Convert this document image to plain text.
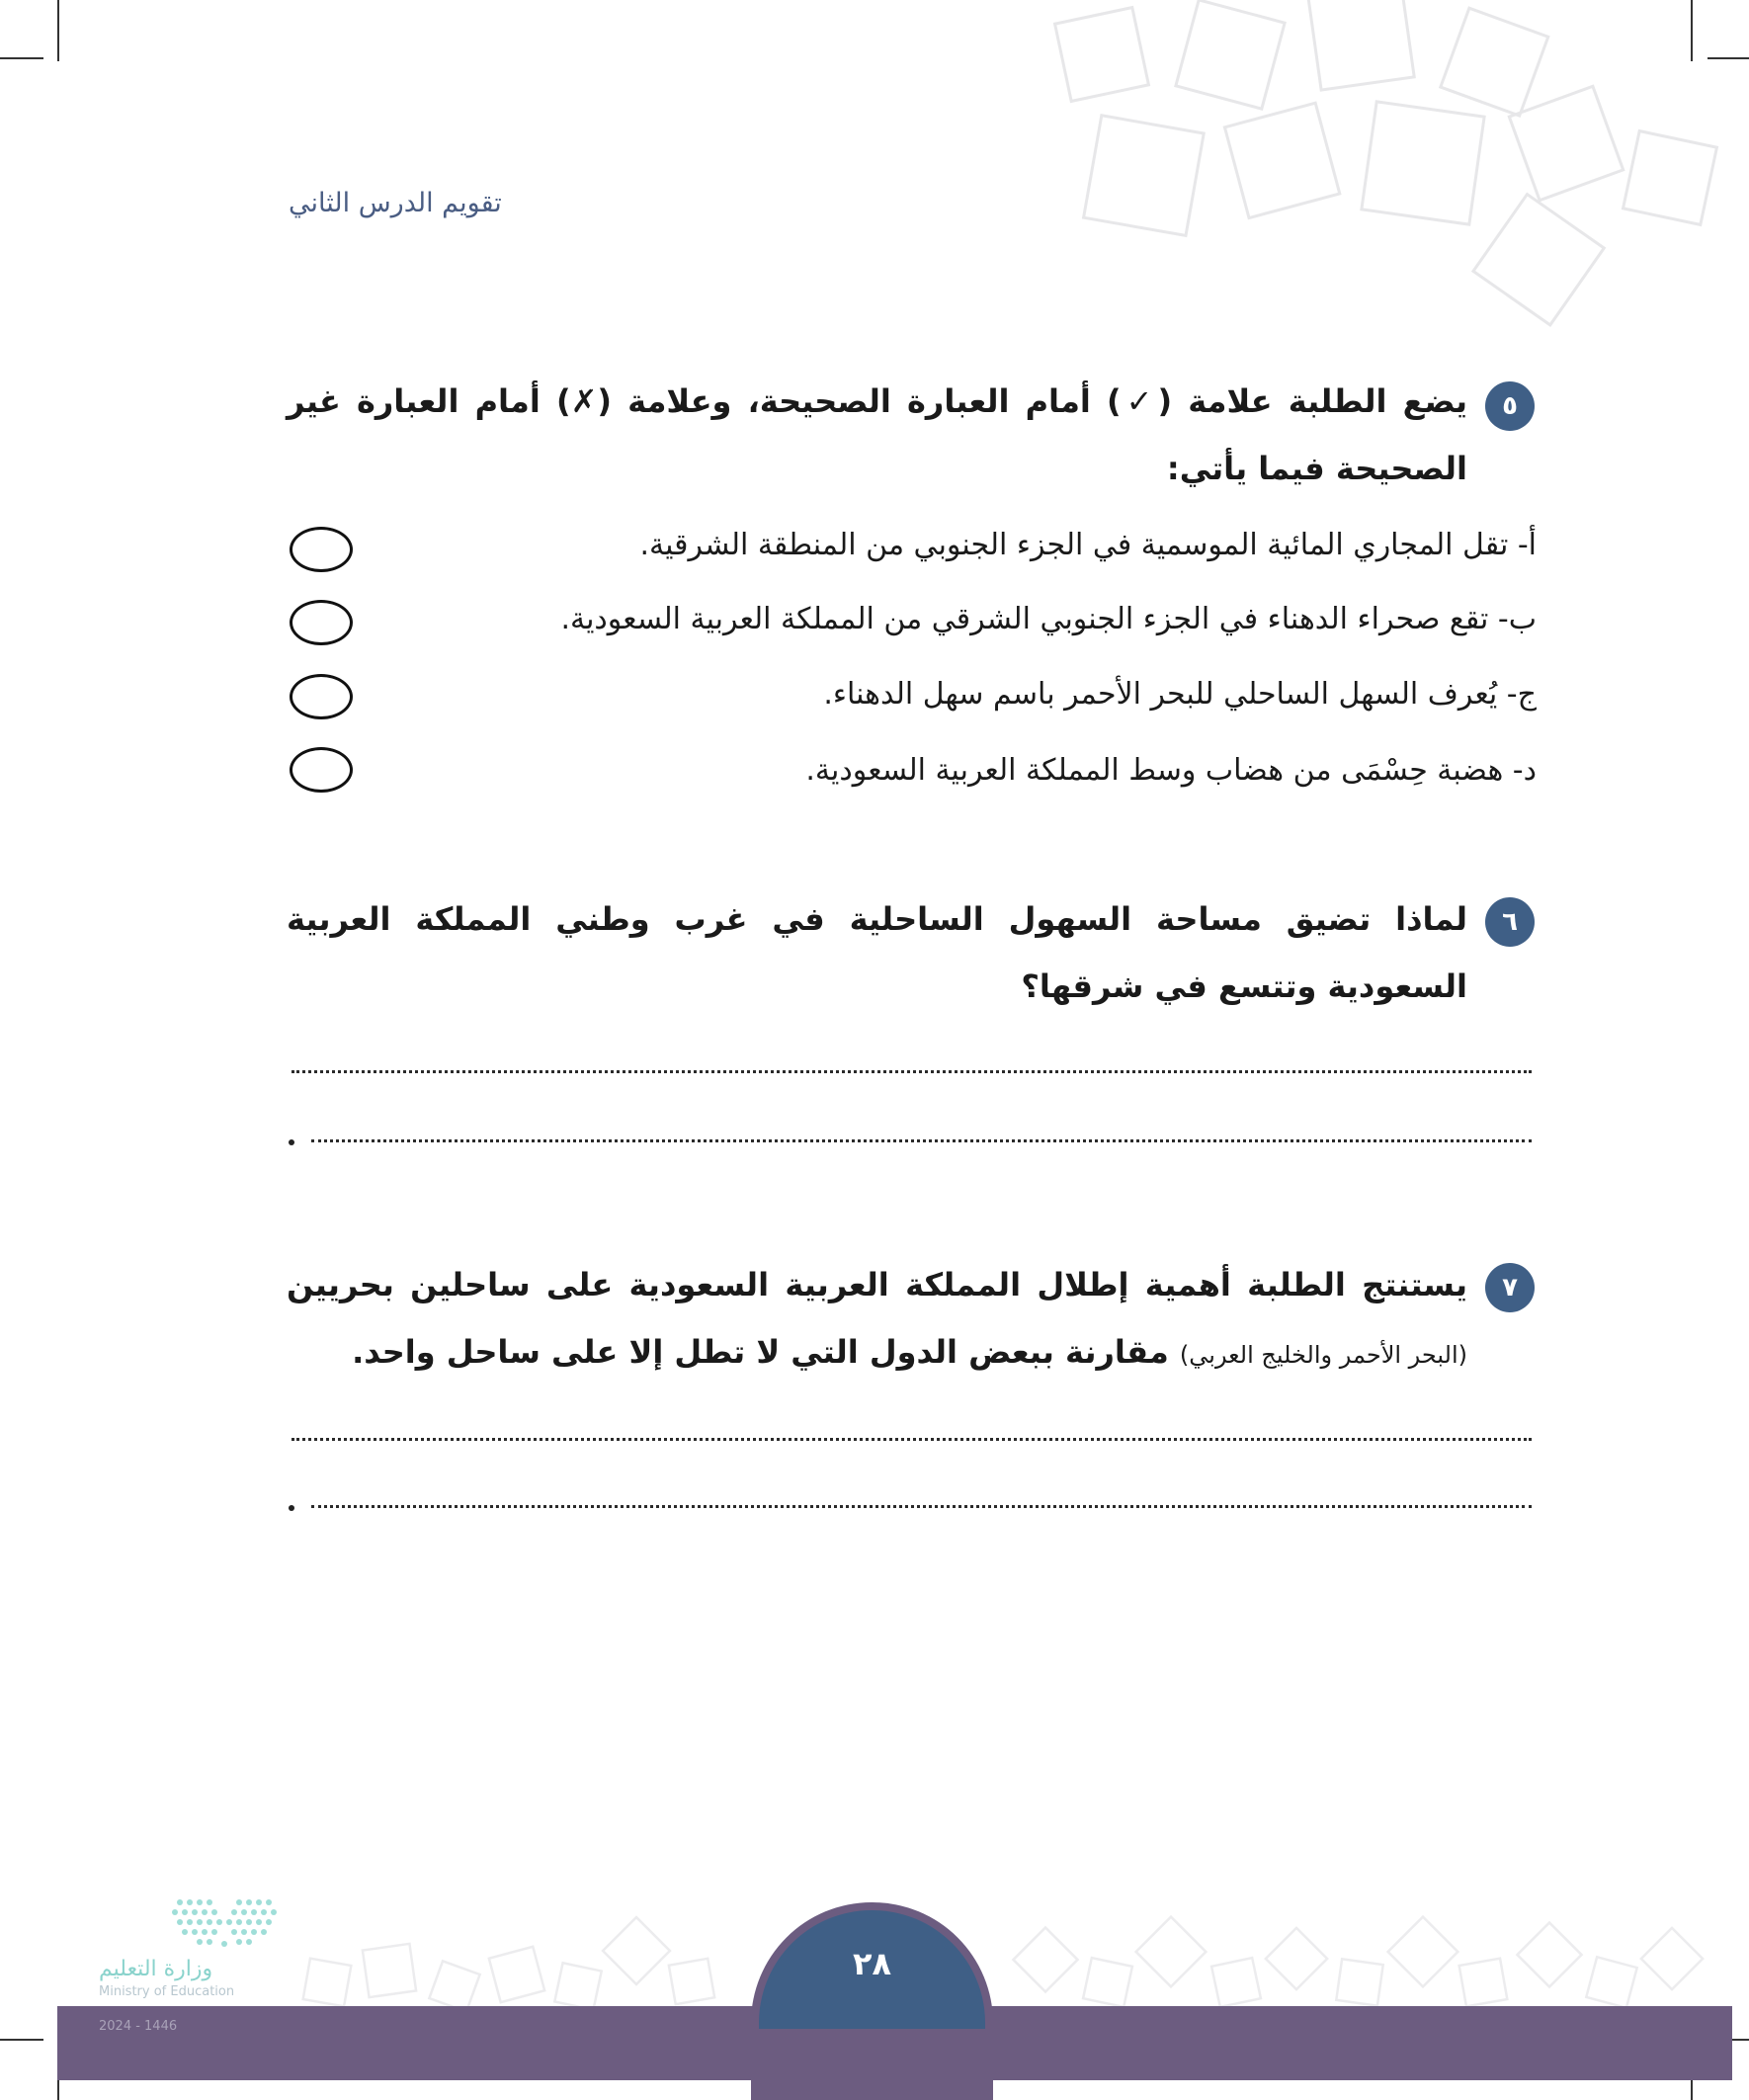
تقويم الدرس الثاني
٥
يضع الطلبة علامة (✓) أمام العبارة الصحيحة، وعلامة (✗) أمام العبارة غير الصحيحة فيما يأتي:
أ- تقل المجاري المائية الموسمية في الجزء الجنوبي من المنطقة الشرقية.
ب- تقع صحراء الدهناء في الجزء الجنوبي الشرقي من المملكة العربية السعودية.
ج- يُعرف السهل الساحلي للبحر الأحمر باسم سهل الدهناء.
د- هضبة حِسْمَى من هضاب وسط المملكة العربية السعودية.
٦
لماذا تضيق مساحة السهول الساحلية في غرب وطني المملكة العربية السعودية وتتسع في شرقها؟
٧
يستنتج الطلبة أهمية إطلال المملكة العربية السعودية على ساحلين بحريين (البحر الأحمر والخليج العربي) مقارنة ببعض الدول التي لا تطل إلا على ساحل واحد.
٢٨
وزارة التعليم
Ministry of Education
2024 - 1446
